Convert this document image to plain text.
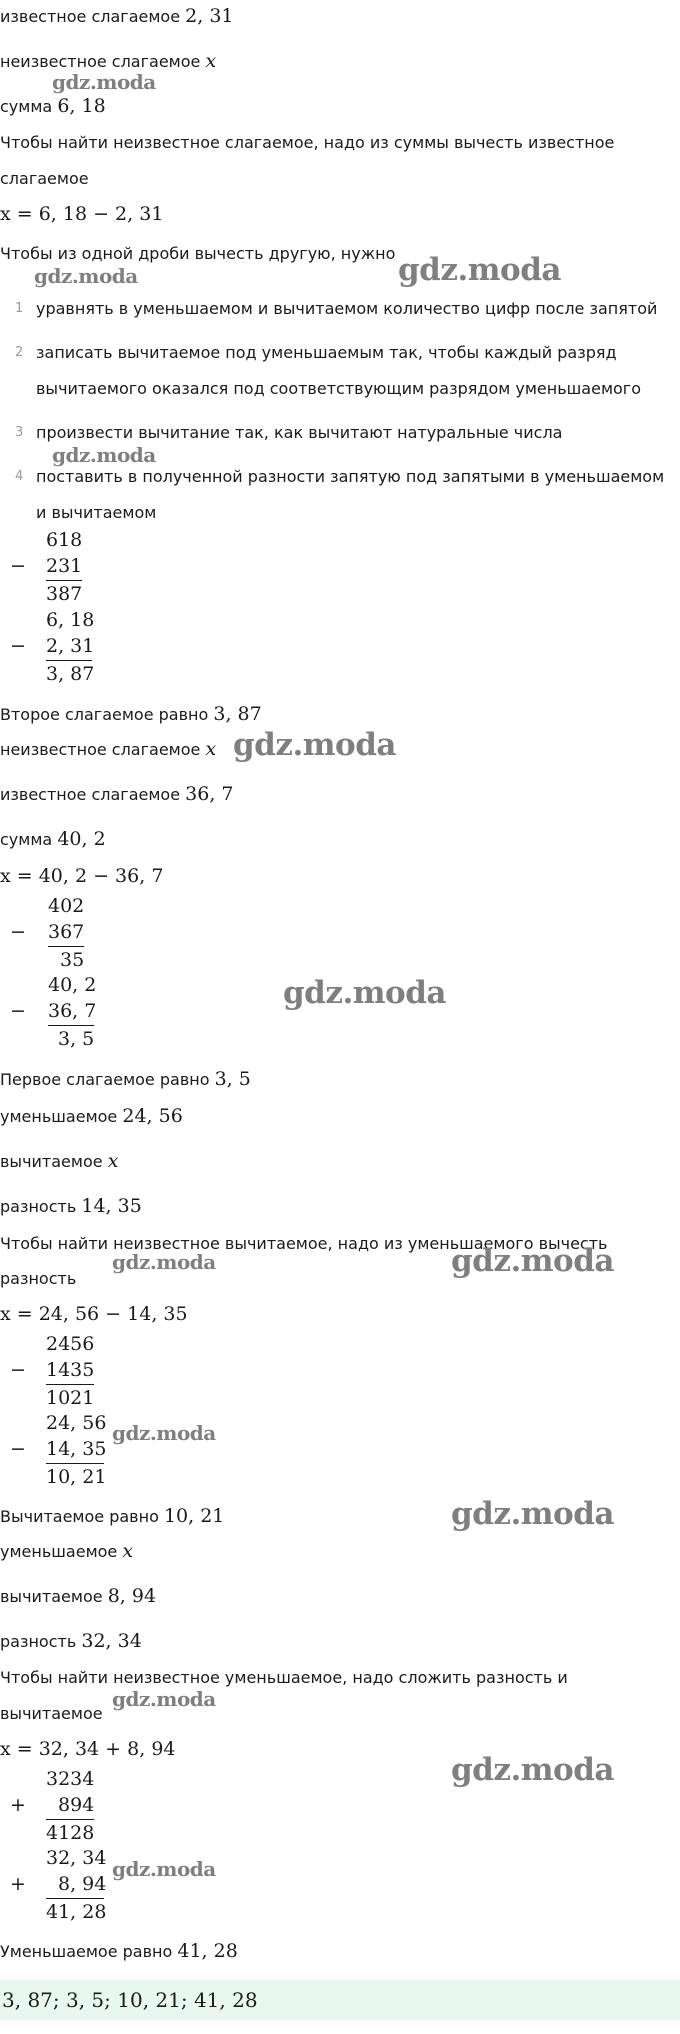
известное слагаемое 2, 31
неизвестное слагаемое x
сумма 6, 18
Чтобы найти неизвестное слагаемое, надо из суммы вычесть известное
слагаемое
x = 6, 18 − 2, 31
Чтобы из одной дроби вычесть другую, нужно
1 уравнять в уменьшаемом и вычитаемом количество цифр после запятой
2 записать вычитаемое под уменьшаемым так, чтобы каждый разряд
вычитаемого оказался под соответствующим разрядом уменьшаемого
3 произвести вычитание так, как вычитают натуральные числа
4 поставить в полученной разности запятую под запятыми в уменьшаемом
и вычитаемом
−
618
231
387
−
6, 18
2, 31
3, 87
Второе слагаемое равно 3, 87
неизвестное слагаемое x
известное слагаемое 36, 7
сумма 40, 2
x = 40, 2 − 36, 7
−
402
367
35
−
40, 2
36, 7
3, 5
Первое слагаемое равно 3, 5
уменьшаемое 24, 56
вычитаемое x
разность 14, 35
Чтобы найти неизвестное вычитаемое, надо из уменьшаемого вычесть
разность
x = 24, 56 − 14, 35
−
2456
1435
1021
−
24, 56
14, 35
10, 21
Вычитаемое равно 10, 21
уменьшаемое x
вычитаемое 8, 94
разность 32, 34
Чтобы найти неизвестное уменьшаемое, надо сложить разность и
вычитаемое
x = 32, 34 + 8, 94
+
3234
894
4128
+
32, 34
8, 94
41, 28
Уменьшаемое равно 41, 28
3, 87; 3, 5; 10, 21; 41, 28
gdz.moda
gdz.moda	gdz.moda
gdz.moda
gdz.moda
gdz.moda
gdz.moda	gdz.moda
gdz.moda
gdz.moda
gdz.moda
gdz.moda
gdz.moda
